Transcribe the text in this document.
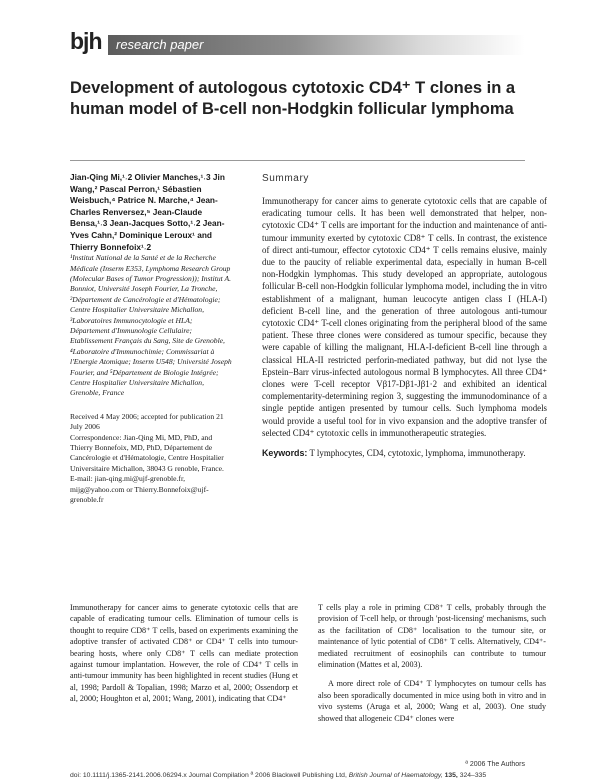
bjh research paper
Development of autologous cytotoxic CD4⁺ T clones in a human model of B-cell non-Hodgkin follicular lymphoma

Jian-Qing Mi,¹˒2 Olivier Manches,¹˒3 Jin Wang,² Pascal Perron,¹ Sébastien Weisbuch,⁴ Patrice N. Marche,⁴ Jean-Charles Renversez,⁵ Jean-Claude Bensa,¹˒3 Jean-Jacques Sotto,¹˒2 Jean-Yves Cahn,² Dominique Leroux¹ and Thierry Bonnefoix¹˒2

¹Institut National de la Santé et de la Recherche Médicale (Inserm E353, Lymphoma Research Group (Molecular Bases of Tumor Progression)); Institut A. Bonniot, Université Joseph Fourier, La Tronche, ²Département de Cancérologie et d'Hématologie; Centre Hospitalier Universitaire Michallon, ³Laboratoires Immunocytologie et HLA; Département d'Immunologie Cellulaire; Etablissement Français du Sang, Site de Grenoble, ⁴Laboratoire d'Immunochimie; Commissariat à l'Energie Atomique; Inserm U548; Université Joseph Fourier, and ⁵Département de Biologie Intégrée; Centre Hospitalier Universitaire Michallon, Grenoble, France

Received 4 May 2006; accepted for publication 21 July 2006

Correspondence: Jian-Qing Mi, MD, PhD, and Thierry Bonnefoix, MD, PhD, Département de Cancérologie et d'Hématologie, Centre Hospitalier Universitaire Michallon, 38043 G renoble, France.

E-mail: jian-qing.mi@ujf-grenoble.fr, mijg@yahoo.com or Thierry.Bonnefoix@ujf-grenoble.fr

Summary

Immunotherapy for cancer aims to generate cytotoxic cells that are capable of eradicating tumour cells. It has been well demonstrated that helper, non-cytotoxic CD4⁺ T cells are important for the induction and maintenance of anti-tumour immunity exerted by cytotoxic CD8⁺ T cells. In contrast, the existence of direct anti-tumour, effector cytotoxic CD4⁺ T cells remains elusive, mainly due to the paucity of reliable experimental data, especially in human B-cell non-Hodgkin lymphomas. This study developed an appropriate, autologous follicular B-cell non-Hodgkin follicular lymphoma model, including the in vitro establishment of a malignant, human leucocyte antigen class I (HLA-I) deficient B-cell line, and the generation of three autologous anti-tumour cytotoxic CD4⁺ T-cell clones originating from the peripheral blood of the same patient. These three clones were considered as tumour specific, because they were capable of killing the malignant, HLA-I-deficient B-cell line through a classical HLA-II restricted perforin-mediated pathway, but did not lyse the Epstein–Barr virus-infected autologous normal B lymphocytes. All three CD4⁺ clones were T-cell receptor Vβ17-Dβ1-Jβ1·2 and exhibited an identical complementarity-determining region 3, suggesting the immunodominance of a single peptide antigen presented by tumour cells. Such lymphoma models would provide a useful tool for in vivo expansion and the adoptive transfer of selected CD4⁺ cytotoxic cells in immunotherapeutic strategies.

Keywords: T lymphocytes, CD4, cytotoxic, lymphoma, immunotherapy.

Immunotherapy for cancer aims to generate cytotoxic cells that are capable of eradicating tumour cells. Elimination of tumour cells is thought to require CD8⁺ T cells, based on experiments examining the adoptive transfer of activated CD8⁺ or CD4⁺ T cells into tumour-bearing hosts, where only CD8⁺ T cells can mediate protection against tumour implantation. However, the role of CD4⁺ T cells in anti-tumour immunity has been highlighted in recent studies (Hung et al, 1998; Pardoll & Topalian, 1998; Marzo et al, 2000; Ossendorp et al, 2000; Houghton et al, 2001; Wang, 2001), indicating that CD4⁺

T cells play a role in priming CD8⁺ T cells, probably through the provision of T-cell help, or through 'post-licensing' mechanisms, such as the facilitation of CD8⁺ localisation to the tumour site, or maintenance of lytic potential of CD8⁺ T cells. Alternatively, CD4⁺-mediated recruitment of eosinophils can contribute to tumour elimination (Mattes et al, 2003).

A more direct role of CD4⁺ T lymphocytes on tumour cells has also been sporadically documented in mice using both in vitro and in vivo systems (Aruga et al, 2000; Wang et al, 2003). One study showed that allogeneic CD4⁺ clones were

ª 2006 The Authors
doi: 10.1111/j.1365-2141.2006.06294.x Journal Compilation ª 2006 Blackwell Publishing Ltd, British Journal of Haematology, 135, 324–335
